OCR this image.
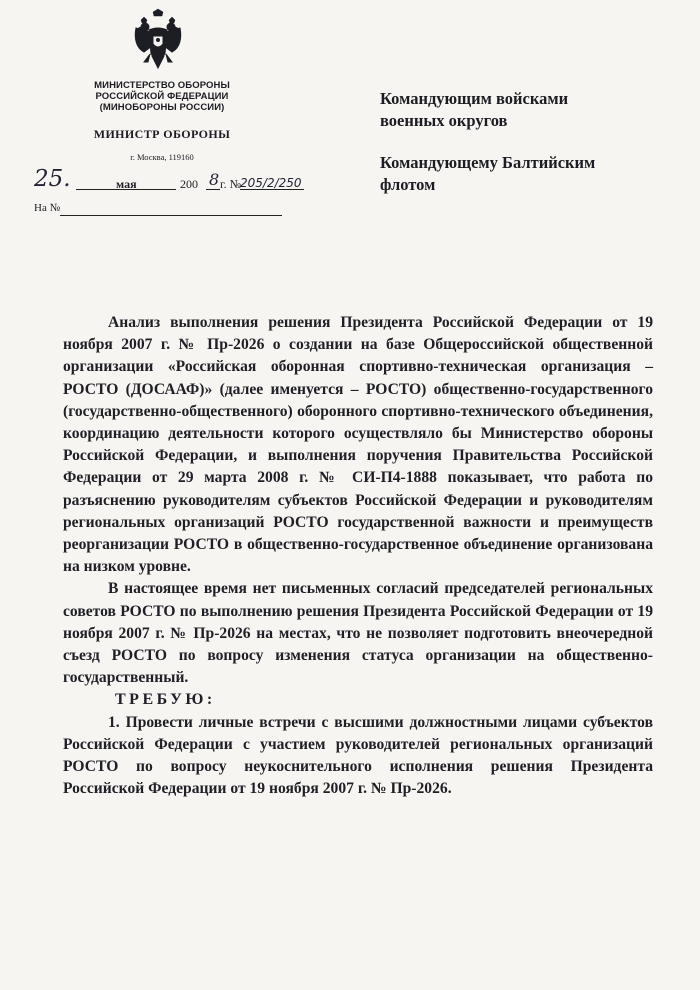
МИНИСТЕРСТВО ОБОРОНЫ
РОССИЙСКОЙ ФЕДЕРАЦИИ
(МИНОБОРОНЫ РОССИИ)
МИНИСТР ОБОРОНЫ
г. Москва, 119160
25.	мая	200 8 г. №
205/2/250
На №
Командующим войсками
военных округов
Командующему Балтийским
флотом

Анализ выполнения решения Президента Российской Федерации от 19 ноября 2007 г. № Пр-2026 о создании на базе Общероссийской общественной организации «Российская оборонная спортивно-техническая организация – РОСТО (ДОСААФ)» (далее именуется – РОСТО) общественно-государственного (государственно-общественного) оборонного спортивно-технического объединения, координацию деятельности которого осуществляло бы Министерство обороны Российской Федерации, и выполнения поручения Правительства Российской Федерации от 29 марта 2008 г. № СИ-П4-1888 показывает, что работа по разъяснению руководителям субъектов Российской Федерации и руководителям региональных организаций РОСТО государственной важности и преимуществ реорганизации РОСТО в общественно-государственное объединение организована на низком уровне.

В настоящее время нет письменных согласий председателей региональных советов РОСТО по выполнению решения Президента Российской Федерации от 19 ноября 2007 г. № Пр-2026 на местах, что не позволяет подготовить внеочередной съезд РОСТО по вопросу изменения статуса организации на общественно-государственный.

ТРЕБУЮ:

1. Провести личные встречи с высшими должностными лицами субъектов Российской Федерации с участием руководителей региональных организаций РОСТО по вопросу неукоснительного исполнения решения Президента Российской Федерации от 19 ноября 2007 г. № Пр-2026.
